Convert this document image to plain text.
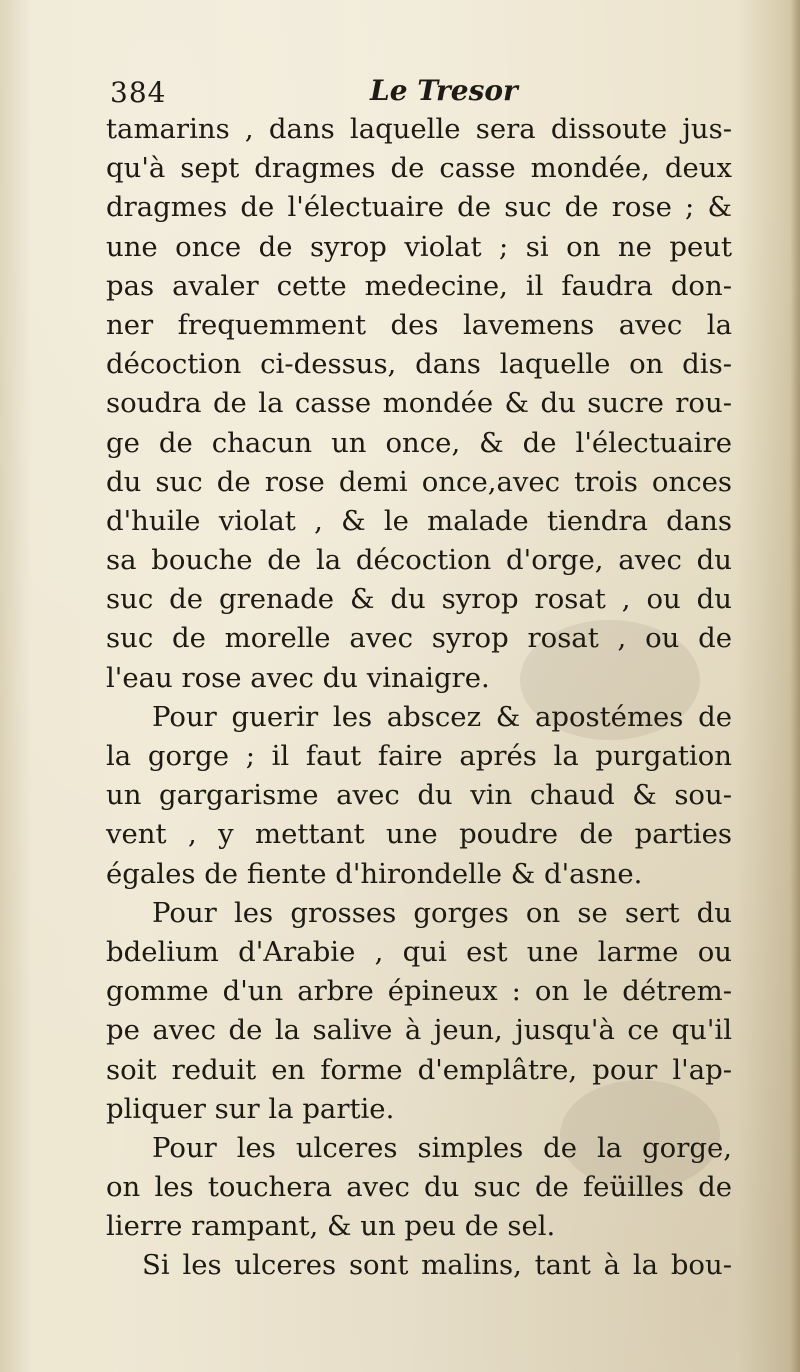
384	Le Tresor
tamarins , dans laquelle sera dissoute jus-
qu'à sept dragmes de casse mondée, deux
dragmes de l'électuaire de suc de rose ; &
une once de syrop violat ; si on ne peut
pas avaler cette medecine, il faudra don-
ner frequemment des lavemens avec la
décoction ci-dessus, dans laquelle on dis-
soudra de la casse mondée & du sucre rou-
ge de chacun un once, & de l'électuaire
du suc de rose demi once,avec trois onces
d'huile violat , & le malade tiendra dans
sa bouche de la décoction d'orge, avec du
suc de grenade & du syrop rosat , ou du
suc de morelle avec syrop rosat , ou de
l'eau rose avec du vinaigre.
Pour guerir les abscez & apostémes de
la gorge ; il faut faire aprés la purgation
un gargarisme avec du vin chaud & sou-
vent , y mettant une poudre de parties
égales de fiente d'hirondelle & d'asne.
Pour les grosses gorges on se sert du
bdelium d'Arabie , qui est une larme ou
gomme d'un arbre épineux : on le détrem-
pe avec de la salive à jeun, jusqu'à ce qu'il
soit reduit en forme d'emplâtre, pour l'ap-
pliquer sur la partie.
Pour les ulceres simples de la gorge,
on les touchera avec du suc de feüilles de
lierre rampant, & un peu de sel.
Si les ulceres sont malins, tant à la bou-
